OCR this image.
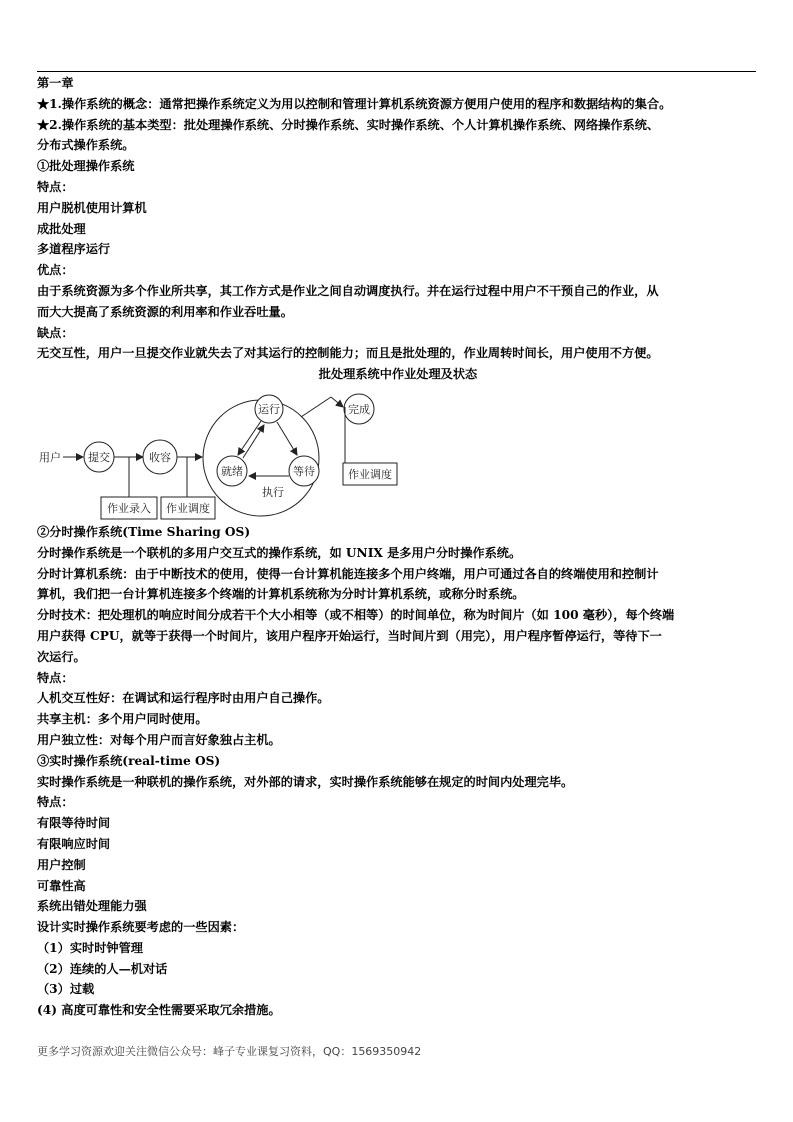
第一章
★1.操作系统的概念：通常把操作系统定义为用以控制和管理计算机系统资源方便用户使用的程序和数据结构的集合。
★2.操作系统的基本类型：批处理操作系统、分时操作系统、实时操作系统、个人计算机操作系统、网络操作系统、
分布式操作系统。
①批处理操作系统
特点：
用户脱机使用计算机
成批处理
多道程序运行
优点：
由于系统资源为多个作业所共享，其工作方式是作业之间自动调度执行。并在运行过程中用户不干预自己的作业，从
而大大提高了系统资源的利用率和作业吞吐量。
缺点：
无交互性，用户一旦提交作业就失去了对其运行的控制能力；而且是批处理的，作业周转时间长，用户使用不方便。
批处理系统中作业处理及状态
用户 提交	收容
运行
就绪	等待
执行
完成
作业调度
作业录入 作业调度
②分时操作系统(Time Sharing OS)
分时操作系统是一个联机的多用户交互式的操作系统，如 UNIX 是多用户分时操作系统。
分时计算机系统：由于中断技术的使用，使得一台计算机能连接多个用户终端，用户可通过各自的终端使用和控制计
算机，我们把一台计算机连接多个终端的计算机系统称为分时计算机系统，或称分时系统。
分时技术：把处理机的响应时间分成若干个大小相等（或不相等）的时间单位，称为时间片（如 100 毫秒），每个终端
用户获得 CPU，就等于获得一个时间片，该用户程序开始运行，当时间片到（用完），用户程序暂停运行，等待下一
次运行。
特点：
人机交互性好：在调试和运行程序时由用户自己操作。
共享主机：多个用户同时使用。
用户独立性：对每个用户而言好象独占主机。
③实时操作系统(real-time OS)
实时操作系统是一种联机的操作系统，对外部的请求，实时操作系统能够在规定的时间内处理完毕。
特点：
有限等待时间
有限响应时间
用户控制
可靠性高
系统出错处理能力强
设计实时操作系统要考虑的一些因素：
（1）实时时钟管理
（2）连续的人—机对话
（3）过载
(4) 高度可靠性和安全性需要采取冗余措施。
更多学习资源欢迎关注微信公众号：峰子专业课复习资料，QQ：1569350942
